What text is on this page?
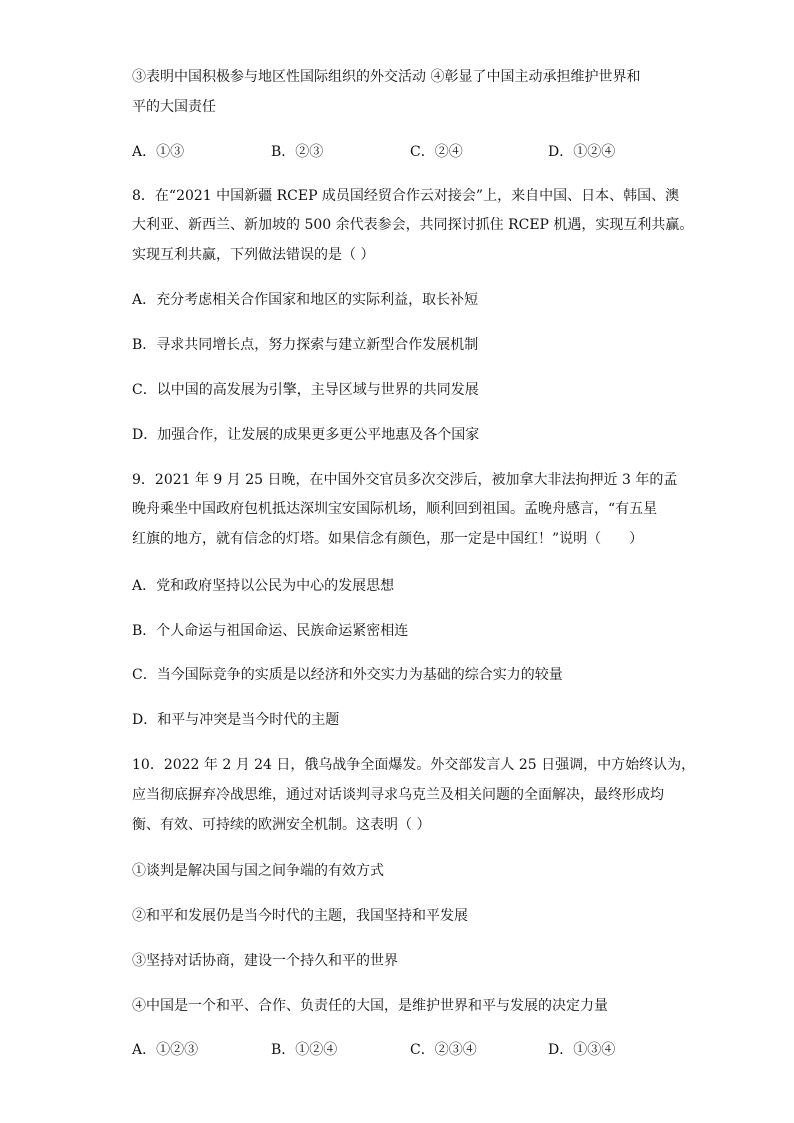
③表明中国积极参与地区性国际组织的外交活动 ④彰显了中国主动承担维护世界和
平的大国责任
A．①③	B．②③	C．②④	D．①②④
8．在“2021 中国新疆 RCEP 成员国经贸合作云对接会”上，来自中国、日本、韩国、澳
大利亚、新西兰、新加坡的 500 余代表参会，共同探讨抓住 RCEP 机遇，实现互利共赢。
实现互利共赢，下列做法错误的是（ ）
A．充分考虑相关合作国家和地区的实际利益，取长补短
B．寻求共同增长点，努力探索与建立新型合作发展机制
C．以中国的高发展为引擎，主导区域与世界的共同发展
D．加强合作，让发展的成果更多更公平地惠及各个国家
9．2021 年 9 月 25 日晚，在中国外交官员多次交涉后，被加拿大非法拘押近 3 年的孟
晚舟乘坐中国政府包机抵达深圳宝安国际机场，顺利回到祖国。孟晚舟感言，“有五星
红旗的地方，就有信念的灯塔。如果信念有颜色，那一定是中国红！”说明（　　）
A．党和政府坚持以公民为中心的发展思想
B．个人命运与祖国命运、民族命运紧密相连
C．当今国际竞争的实质是以经济和外交实力为基础的综合实力的较量
D．和平与冲突是当今时代的主题
10．2022 年 2 月 24 日，俄乌战争全面爆发。外交部发言人 25 日强调，中方始终认为，
应当彻底摒弃冷战思维，通过对话谈判寻求乌克兰及相关问题的全面解决，最终形成均
衡、有效、可持续的欧洲安全机制。这表明（ ）
①谈判是解决国与国之间争端的有效方式
②和平和发展仍是当今时代的主题，我国坚持和平发展
③坚持对话协商，建设一个持久和平的世界
④中国是一个和平、合作、负责任的大国，是维护世界和平与发展的决定力量
A．①②③	B．①②④	C．②③④	D．①③④
